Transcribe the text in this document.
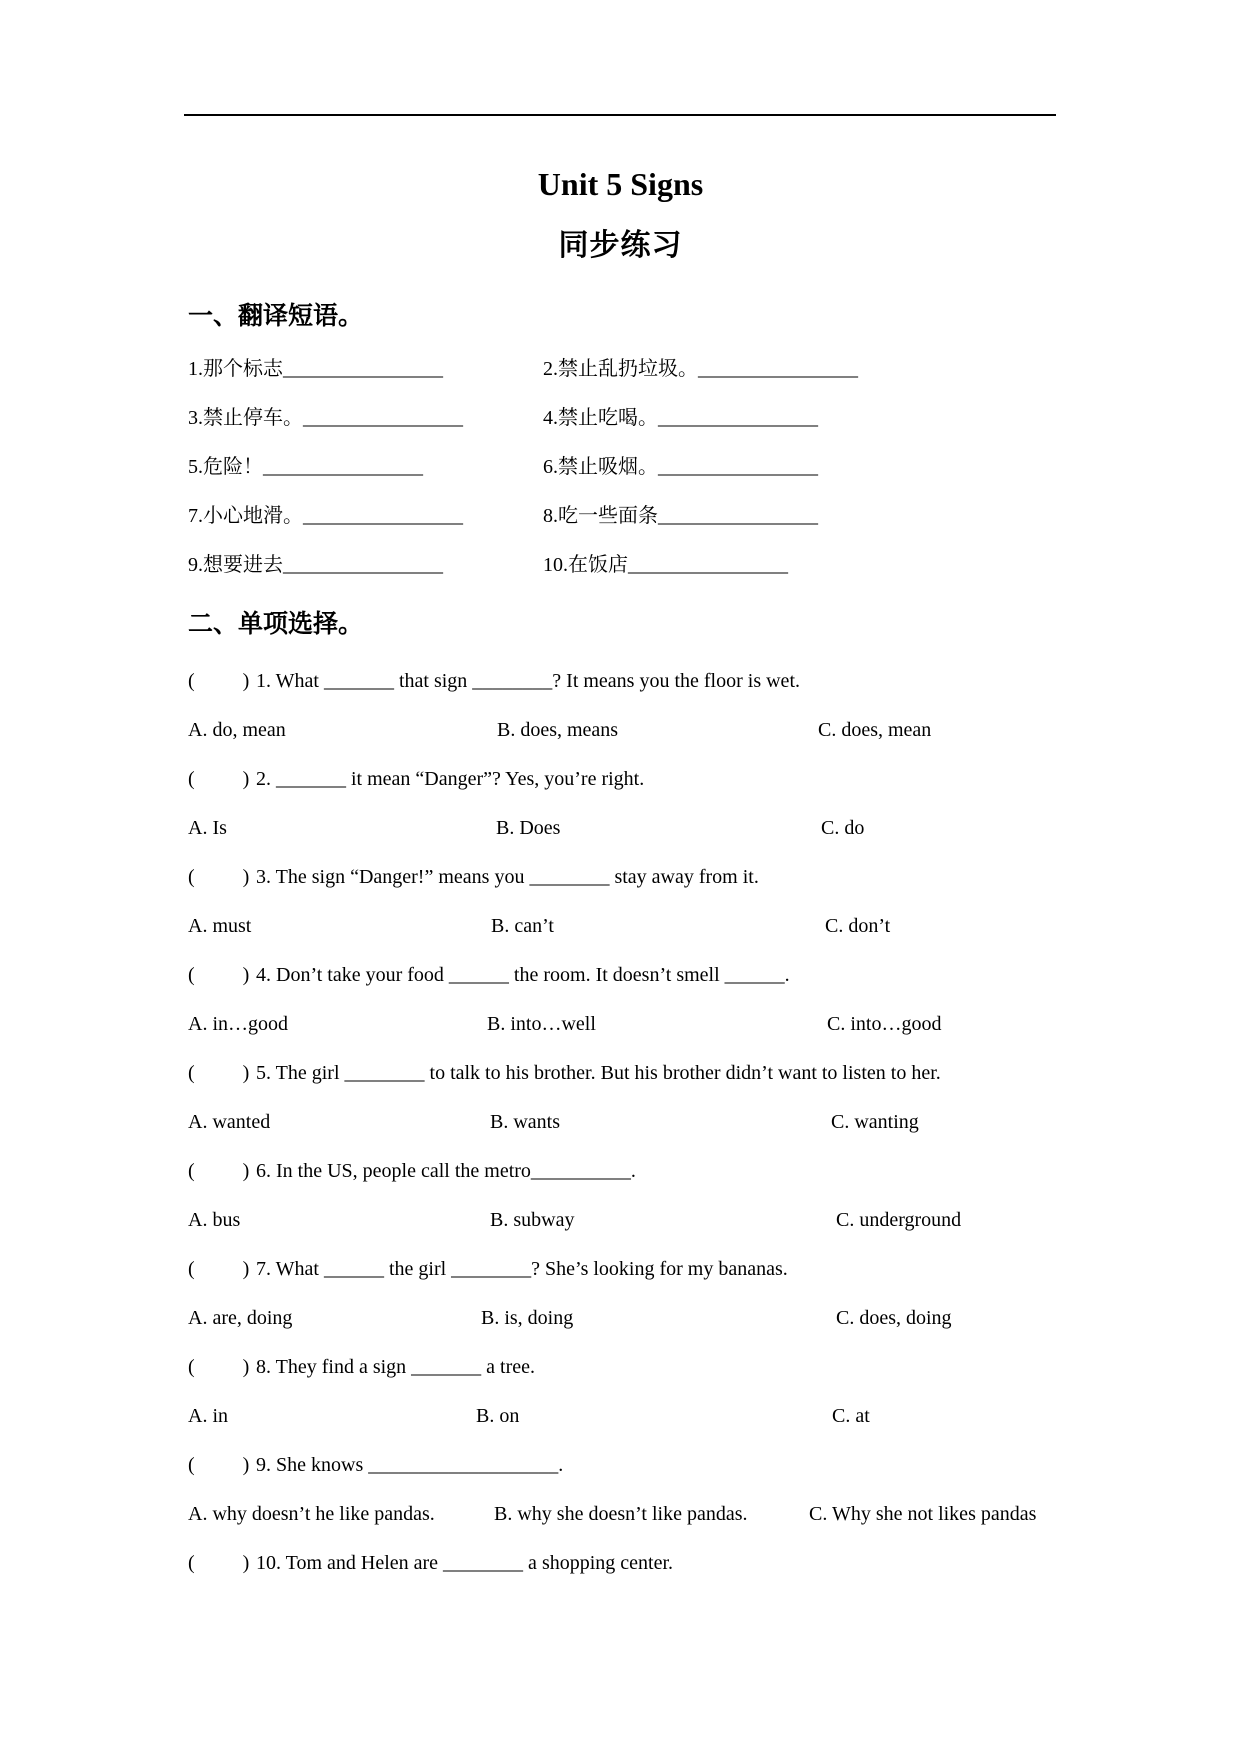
Unit 5 Signs
同步练习
一、翻译短语。
1.那个标志________________	2.禁止乱扔垃圾。________________
3.禁止停车。________________	4.禁止吃喝。________________
5.危险！________________	6.禁止吸烟。________________
7.小心地滑。________________	8.吃一些面条________________
9.想要进去________________	10.在饭店________________
二、单项选择。
( ) 1. What _______ that sign ________? It means you the floor is wet.
A. do, mean	B. does, means	C. does, mean
( ) 2. _______ it mean “Danger”? Yes, you’re right.
A. Is	B. Does	C. do
( ) 3. The sign “Danger!” means you ________ stay away from it.
A. must	B. can’t	C. don’t
( ) 4. Don’t take your food ______ the room. It doesn’t smell ______.
A. in…good	B. into…well	C. into…good
( ) 5. The girl ________ to talk to his brother. But his brother didn’t want to listen to her.
A. wanted	B. wants	C. wanting
( ) 6. In the US, people call the metro__________.
A. bus	B. subway	C. underground
( ) 7. What ______ the girl ________? She’s looking for my bananas.
A. are, doing	B. is, doing	C. does, doing
( ) 8. They find a sign _______ a tree.
A. in	B. on	C. at
( ) 9. She knows ___________________.
A. why doesn’t he like pandas.	B. why she doesn’t like pandas.	C. Why she not likes pandas
( ) 10. Tom and Helen are ________ a shopping center.
